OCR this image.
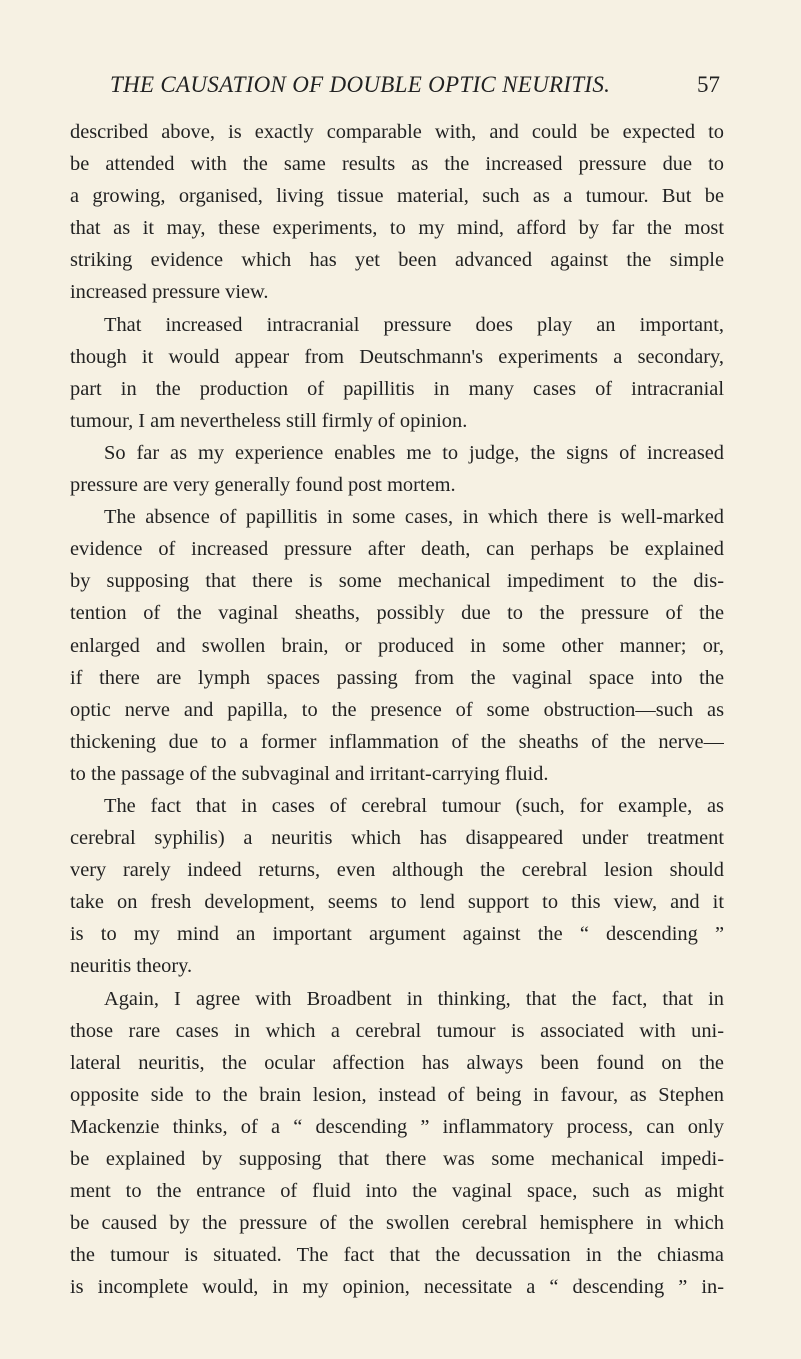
THE CAUSATION OF DOUBLE OPTIC NEURITIS.	57
described above, is exactly comparable with, and could be expected to
be attended with the same results as the increased pressure due to
a growing, organised, living tissue material, such as a tumour. But be
that as it may, these experiments, to my mind, afford by far the most
striking evidence which has yet been advanced against the simple
increased pressure view.
That increased intracranial pressure does play an important,
though it would appear from Deutschmann's experiments a secondary,
part in the production of papillitis in many cases of intracranial
tumour, I am nevertheless still firmly of opinion.
So far as my experience enables me to judge, the signs of increased
pressure are very generally found post mortem.
The absence of papillitis in some cases, in which there is well-marked
evidence of increased pressure after death, can perhaps be explained
by supposing that there is some mechanical impediment to the dis-
tention of the vaginal sheaths, possibly due to the pressure of the
enlarged and swollen brain, or produced in some other manner; or,
if there are lymph spaces passing from the vaginal space into the
optic nerve and papilla, to the presence of some obstruction—such as
thickening due to a former inflammation of the sheaths of the nerve—
to the passage of the subvaginal and irritant-carrying fluid.
The fact that in cases of cerebral tumour (such, for example, as
cerebral syphilis) a neuritis which has disappeared under treatment
very rarely indeed returns, even although the cerebral lesion should
take on fresh development, seems to lend support to this view, and it
is to my mind an important argument against the “ descending ”
neuritis theory.
Again, I agree with Broadbent in thinking, that the fact, that in
those rare cases in which a cerebral tumour is associated with uni-
lateral neuritis, the ocular affection has always been found on the
opposite side to the brain lesion, instead of being in favour, as Stephen
Mackenzie thinks, of a “ descending ” inflammatory process, can only
be explained by supposing that there was some mechanical impedi-
ment to the entrance of fluid into the vaginal space, such as might
be caused by the pressure of the swollen cerebral hemisphere in which
the tumour is situated. The fact that the decussation in the chiasma
is incomplete would, in my opinion, necessitate a “ descending ” in-
